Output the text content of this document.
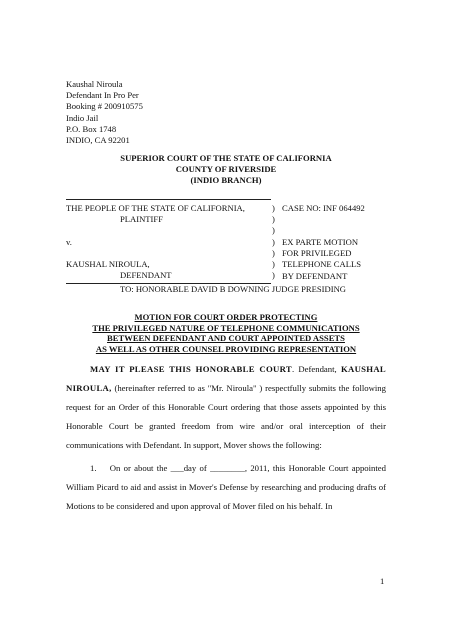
Kaushal Niroula
Defendant In Pro Per
Booking # 200910575
Indio Jail
P.O. Box 1748
INDIO, CA 92201
SUPERIOR COURT OF THE STATE OF CALIFORNIA
COUNTY OF RIVERSIDE
(INDIO BRANCH)
THE PEOPLE OF THE STATE OF CALIFORNIA,
PLAINTIFF
v.
KAUSHAL NIROULA,
DEFENDANT
)
)
)
)
)
)
)
CASE NO: INF 064492
EX PARTE MOTION
FOR PRIVILEGED
TELEPHONE CALLS
BY DEFENDANT
TO: HONORABLE DAVID B DOWNING JUDGE PRESIDING
MOTION FOR COURT ORDER PROTECTING
THE PRIVILEGED NATURE OF TELEPHONE COMMUNICATIONS
BETWEEN DEFENDANT AND COURT APPOINTED ASSETS
AS WELL AS OTHER COUNSEL PROVIDING REPRESENTATION

MAY IT PLEASE THIS HONORABLE COURT. Defendant, KAUSHAL NIROULA, (hereinafter referred to as "Mr. Niroula" ) respectfully submits the following request for an Order of this Honorable Court ordering that those assets appointed by this Honorable Court be granted freedom from wire and/or oral interception of their communications with Defendant. In support, Mover shows the following:

1. On or about the ___day of ________, 2011, this Honorable Court appointed William Picard to aid and assist in Mover's Defense by researching and producing drafts of Motions to be considered and upon approval of Mover filed on his behalf. In

1
